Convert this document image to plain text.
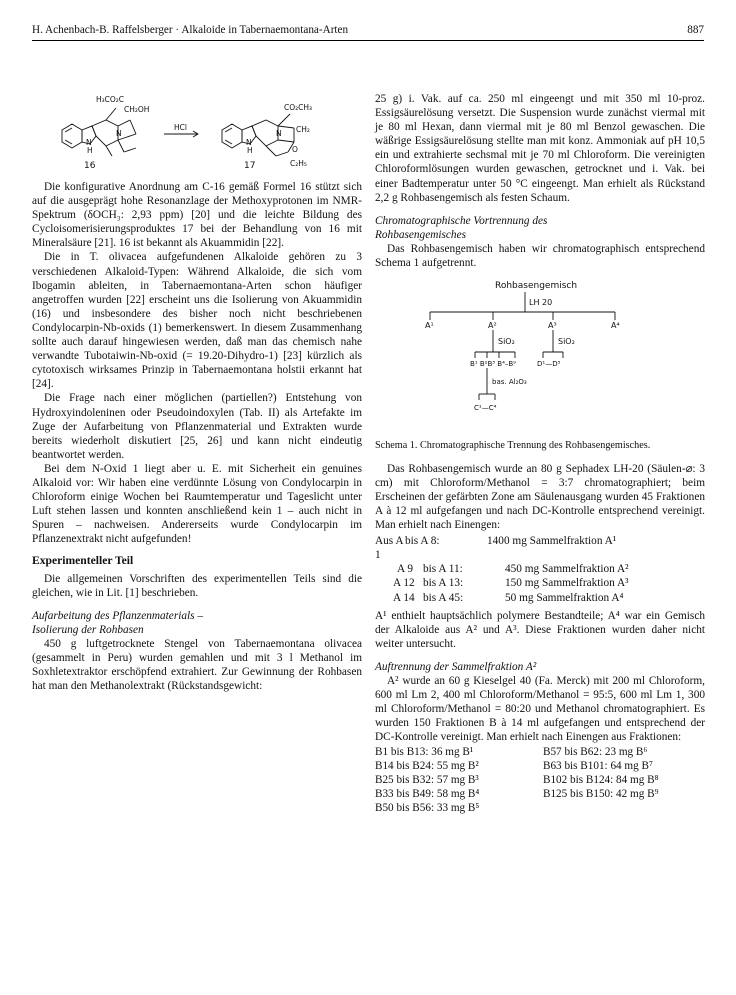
H. Achenbach-B. Raffelsberger · Alkaloide in Tabernaemontana-Arten	887
H₃CO₂C
CH₂OH
N
H
N
16
HCl
CO₂CH₃
CH₂
O
N
H
N
C₂H₅
17

Die konfigurative Anordnung am C-16 gemäß Formel 16 stützt sich auf die ausgeprägt hohe Resonanzlage der Methoxyprotonen im NMR-Spektrum (δOCH₃: 2,93 ppm) [20] und die leichte Bildung des Cycloisomerisierungsproduktes 17 bei der Behandlung von 16 mit Mineralsäure [21]. 16 ist bekannt als Akuammidin [22].

Die in T. olivacea aufgefundenen Alkaloide gehören zu 3 verschiedenen Alkaloid-Typen: Während Alkaloide, die sich vom Ibogamin ableiten, in Tabernaemontana-Arten schon häufiger angetroffen wurden [22] erscheint uns die Isolierung von Akuammidin (16) und insbesondere des bisher noch nicht beschriebenen Condylocarpin-Nb-oxids (1) bemerkenswert. In diesem Zusammenhang sollte auch darauf hingewiesen werden, daß man das chemisch nahe verwandte Tubotaiwin-Nb-oxid (= 19.20-Dihydro-1) [23] kürzlich als cytotoxisch wirksames Prinzip in Tabernaemontana holstii erkannt hat [24].

Die Frage nach einer möglichen (partiellen?) Entstehung von Hydroxyindoleninen oder Pseudoindoxylen (Tab. II) als Artefakte im Zuge der Aufarbeitung von Pflanzenmaterial und Extrakten wurde bereits wiederholt diskutiert [25, 26] und kann nicht eindeutig beantwortet werden.

Bei dem N-Oxid 1 liegt aber u. E. mit Sicherheit ein genuines Alkaloid vor: Wir haben eine verdünnte Lösung von Condylocarpin in Chloroform einige Wochen bei Raumtemperatur und Tageslicht unter Luft stehen lassen und konnten anschließend kein 1 – auch nicht in Spuren – nachweisen. Andererseits wurde Condylocarpin im Pflanzenextrakt nicht aufgefunden!

Experimenteller Teil

Die allgemeinen Vorschriften des experimentellen Teils sind die gleichen, wie in Lit. [1] beschrieben.

Aufarbeitung des Pflanzenmaterials –
Isolierung der Rohbasen

450 g luftgetrocknete Stengel von Tabernaemontana olivacea (gesammelt in Peru) wurden gemahlen und mit 3 l Methanol im Soxhletextraktor erschöpfend extrahiert. Zur Gewinnung der Rohbasen hat man den Methanolextrakt (Rückstandsgewicht:

25 g) i. Vak. auf ca. 250 ml eingeengt und mit 350 ml 10-proz. Essigsäurelösung versetzt. Die Suspension wurde zunächst viermal mit je 80 ml Hexan, dann viermal mit je 80 ml Benzol gewaschen. Die wäßrige Essigsäurelösung stellte man mit konz. Ammoniak auf pH 10,5 ein und extrahierte sechsmal mit je 70 ml Chloroform. Die vereinigten Chloroformlösungen wurden gewaschen, getrocknet und i. Vak. bei einer Badtemperatur unter 50 °C eingeengt. Man erhielt als Rückstand 2,2 g Rohbasengemisch als festen Schaum.

Chromatographische Vortrennung des
Rohbasengemisches

Das Rohbasengemisch haben wir chromatographisch entsprechend Schema 1 aufgetrennt.

Rohbasengemisch
LH 20
A¹	A²	A³	A⁴
SiO₂	SiO₂
B¹ B²B³ B⁴–B⁹	D¹—D⁵
bas. Al₂O₃
C¹—C⁴

Schema 1. Chromatographische Trennung des Rohbasengemisches.

Das Rohbasengemisch wurde an 80 g Sephadex LH-20 (Säulen-⌀: 3 cm) mit Chloroform/Methanol = 3:7 chromatographiert; beim Erscheinen der gefärbten Zone am Säulenausgang wurden 45 Fraktionen A à 12 ml aufgefangen und nach DC-Kontrolle entsprechend vereinigt. Man erhielt nach Einengen:

Aus A 1
bis A 8:	1400 mg Sammelfraktion A¹
A 9 bis A 11:	450 mg Sammelfraktion A²
A 12 bis A 13:	150 mg Sammelfraktion A³
A 14 bis A 45:	50 mg Sammelfraktion A⁴

A¹ enthielt hauptsächlich polymere Bestandteile; A⁴ war ein Gemisch der Alkaloide aus A² und A³. Diese Fraktionen wurden daher nicht weiter untersucht.

Auftrennung der Sammelfraktion A²

A² wurde an 60 g Kieselgel 40 (Fa. Merck) mit 200 ml Chloroform, 600 ml Lm 2, 400 ml Chloroform/Methanol = 95:5, 600 ml Lm 1, 300 ml Chloroform/Methanol = 80:20 und Methanol chromatographiert. Es wurden 150 Fraktionen B à 14 ml aufgefangen und entsprechend der DC-Kontrolle vereinigt. Man erhielt nach Einengen aus Fraktionen:

B1 bis B13: 36 mg B¹	B57 bis B62: 23 mg B⁶
B14 bis B24: 55 mg B²	B63 bis B101: 64 mg B⁷
B25 bis B32: 57 mg B³	B102 bis B124: 84 mg B⁸
B33 bis B49: 58 mg B⁴	B125 bis B150: 42 mg B⁹
B50 bis B56: 33 mg B⁵
